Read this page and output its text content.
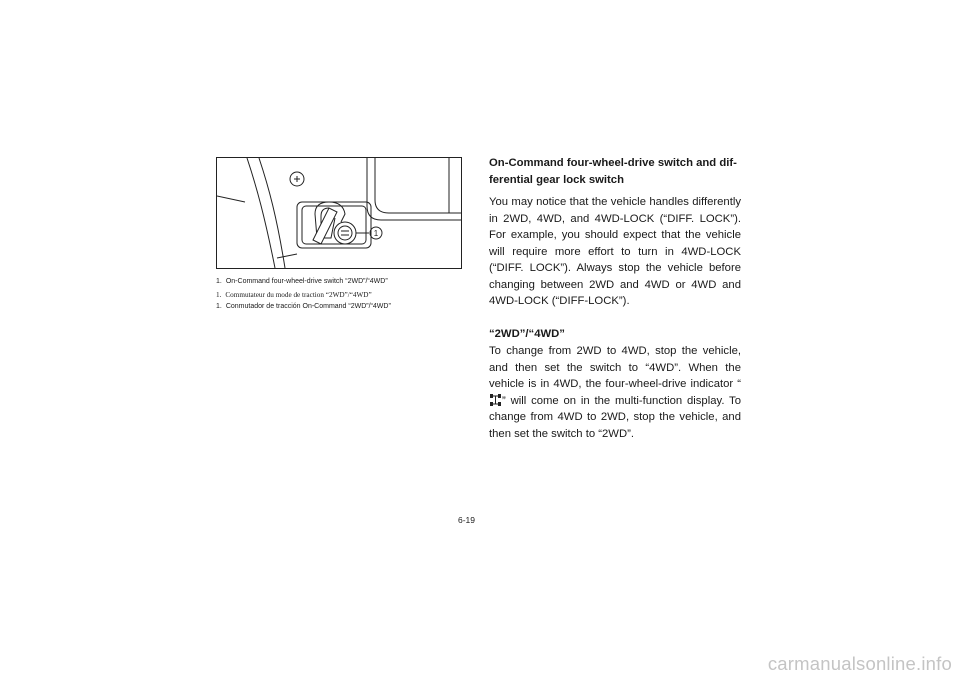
1
1. On-Command four-wheel-drive switch “2WD”/“4WD”
1. Commutateur du mode de traction “2WD”/“4WD”
1. Conmutador de tracción On-Command “2WD”/“4WD”

On-Command four-wheel-drive switch and dif-ferential gear lock switch

You may notice that the vehicle handles differently in 2WD, 4WD, and 4WD-LOCK (“DIFF. LOCK”). For example, you should expect that the vehicle will require more effort to turn in 4WD-LOCK (“DIFF. LOCK”). Always stop the vehicle before changing between 2WD and 4WD or 4WD and 4WD-LOCK (“DIFF-LOCK”).

“2WD”/“4WD”

To change from 2WD to 4WD, stop the vehicle, and then set the switch to “4WD”. When the vehicle is in 4WD, the four-wheel-drive indicator “” will come on in the multi-function display. To change from 4WD to 2WD, stop the vehicle, and then set the switch to “2WD”.

6-19
carmanualsonline.info
